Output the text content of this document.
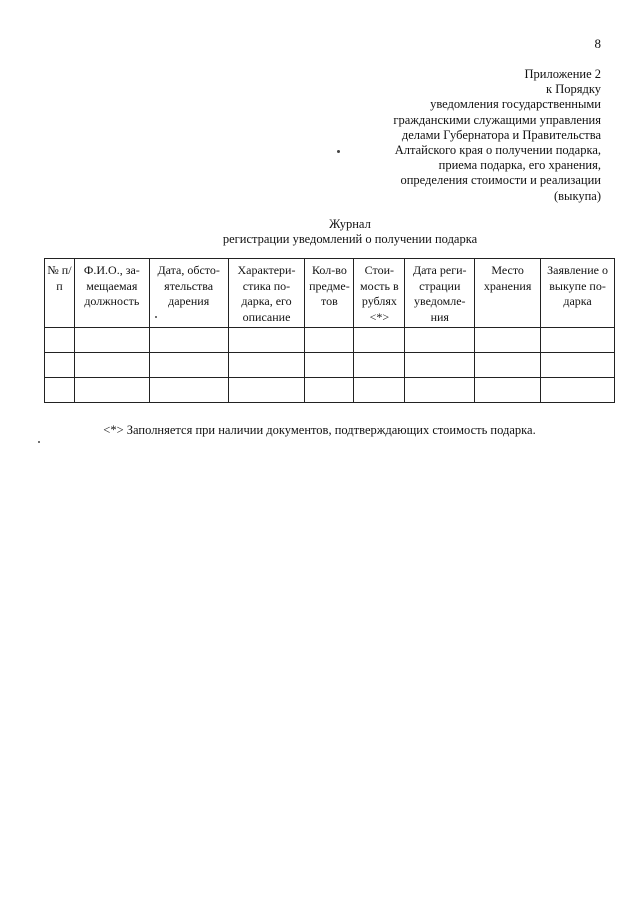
8
Приложение 2
к Порядку
уведомления государственными
гражданскими служащими управления
делами Губернатора и Правительства
Алтайского края о получении подарка,
приема подарка, его хранения,
определения стоимости и реализации
(выкупа)
Журнал
регистрации уведомлений о получении подарка
№ п/п	Ф.И.О., за- мещаемая должность	Дата, обсто- ятельства дарения	Характери- стика по- дарка, его описание	Кол-во предме- тов	Стои- мость в рублях <*>	Дата реги- страции уведомле- ния	Место хранения	Заявление о выкупе по- дарка

<*> Заполняется при наличии документов, подтверждающих стоимость подарка.
